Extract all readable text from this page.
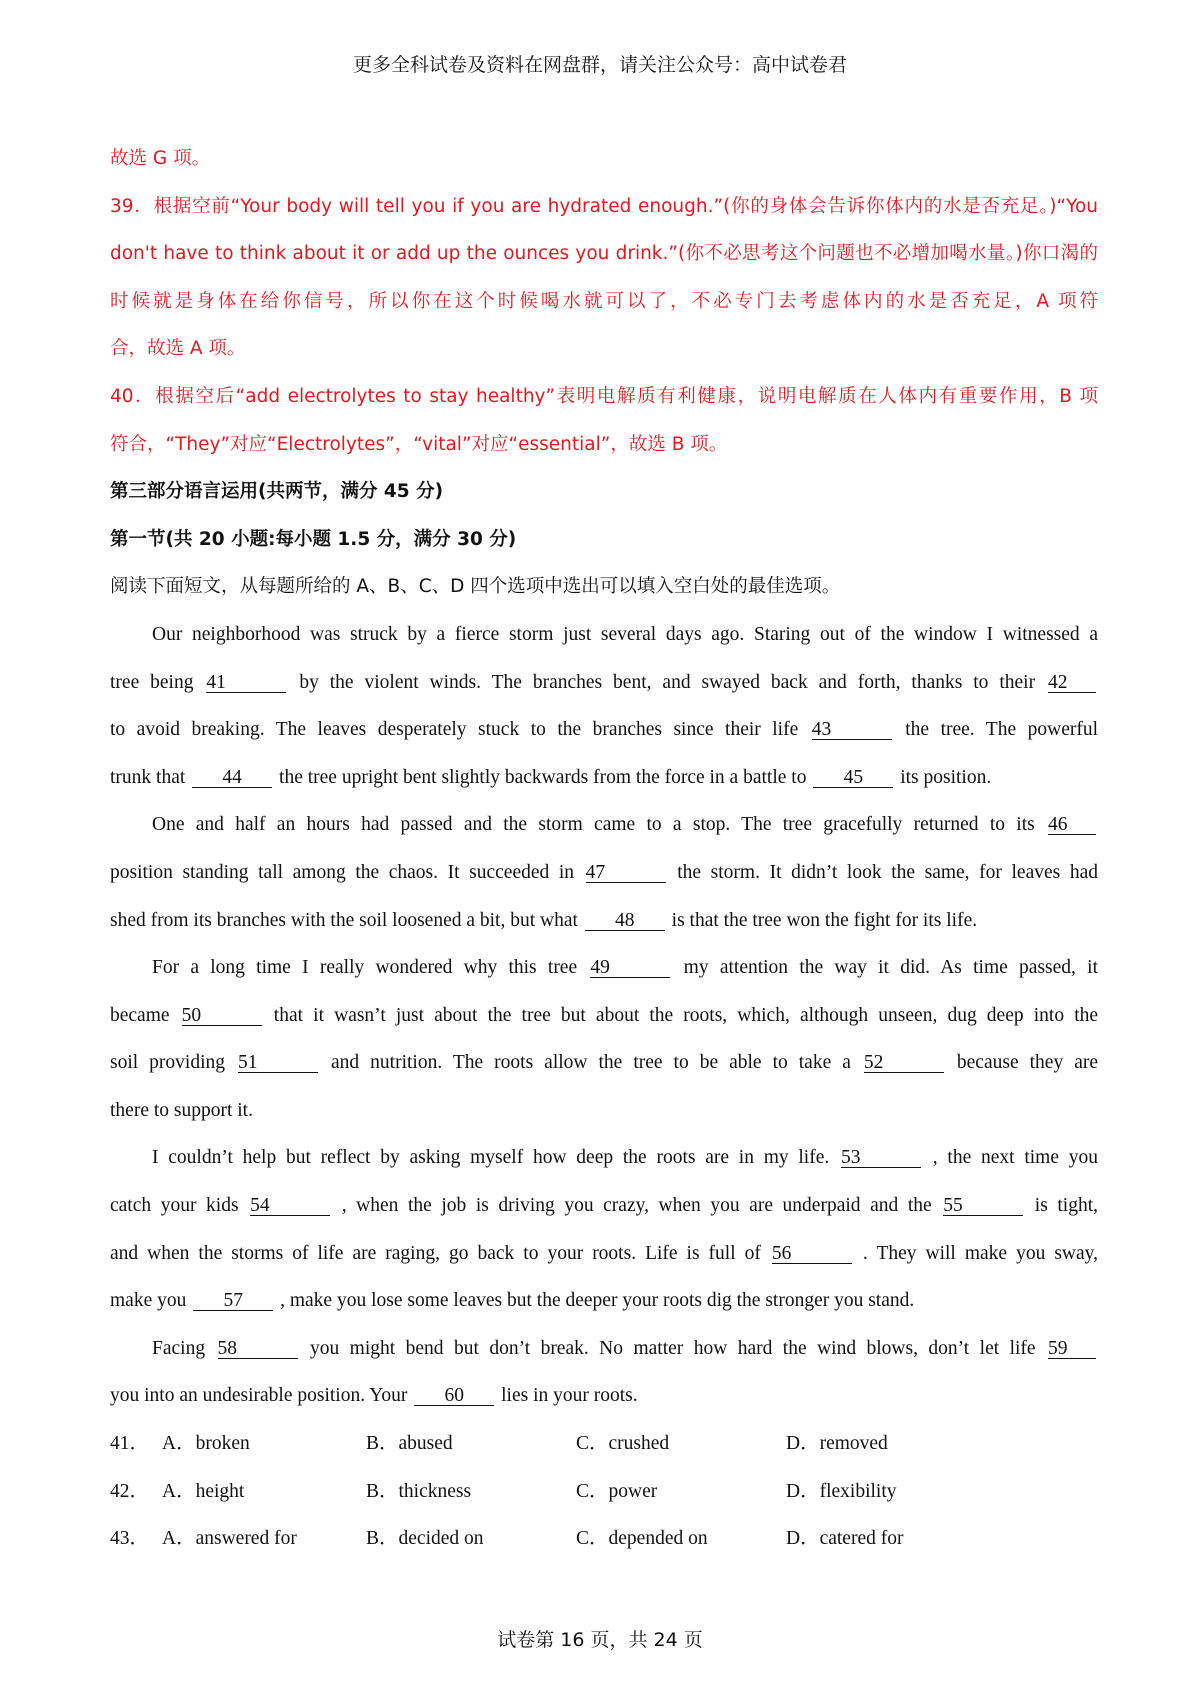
更多全科试卷及资料在网盘群，请关注公众号：高中试卷君
故选 G 项。
39．根据空前“Your body will tell you if you are hydrated enough.”(你的身体会告诉你体内的水是否充足。)“You
don't have to think about it or add up the ounces you drink.”(你不必思考这个问题也不必增加喝水量。)你口渴的
时候就是身体在给你信号，所以你在这个时候喝水就可以了，不必专门去考虑体内的水是否充足，A 项符
合，故选 A 项。
40．根据空后“add electrolytes to stay healthy”表明电解质有利健康，说明电解质在人体内有重要作用，B 项
符合，“They”对应“Electrolytes”，“vital”对应“essential”，故选 B 项。
第三部分语言运用(共两节，满分 45 分)
第一节(共 20 小题:每小题 1.5 分，满分 30 分)
阅读下面短文，从每题所给的 A、B、C、D 四个选项中选出可以填入空白处的最佳选项。
Our neighborhood was struck by a fierce storm just several days ago. Staring out of the window I witnessed a
tree being 41	by the violent winds. The branches bent, and swayed back and forth, thanks to their 42
to avoid breaking. The leaves desperately stuck to the branches since their life 43	the tree. The powerful
trunk that 44 the tree upright bent slightly backwards from the force in a battle to 45 its position.
One and half an hours had passed and the storm came to a stop. The tree gracefully returned to its 46
position standing tall among the chaos. It succeeded in 47	the storm. It didn’t look the same, for leaves had
shed from its branches with the soil loosened a bit, but what 48 is that the tree won the fight for its life.
For a long time I really wondered why this tree 49	my attention the way it did. As time passed, it
became 50	that it wasn’t just about the tree but about the roots, which, although unseen, dug deep into the
soil providing 51	and nutrition. The roots allow the tree to be able to take a 52	because they are
there to support it.
I couldn’t help but reflect by asking myself how deep the roots are in my life. 53	, the next time you
catch your kids 54	, when the job is driving you crazy, when you are underpaid and the 55	is tight,
and when the storms of life are raging, go back to your roots. Life is full of 56	. They will make you sway,
make you 57 , make you lose some leaves but the deeper your roots dig the stronger you stand.
Facing 58	you might bend but don’t break. No matter how hard the wind blows, don’t let life 59
you into an undesirable position. Your 60 lies in your roots.
41． A．broken	B．abused	C．crushed	D．removed
42． A．height	B．thickness	C．power	D．flexibility
43． A．answered for	B．decided on	C．depended on	D．catered for
试卷第 16 页，共 24 页
